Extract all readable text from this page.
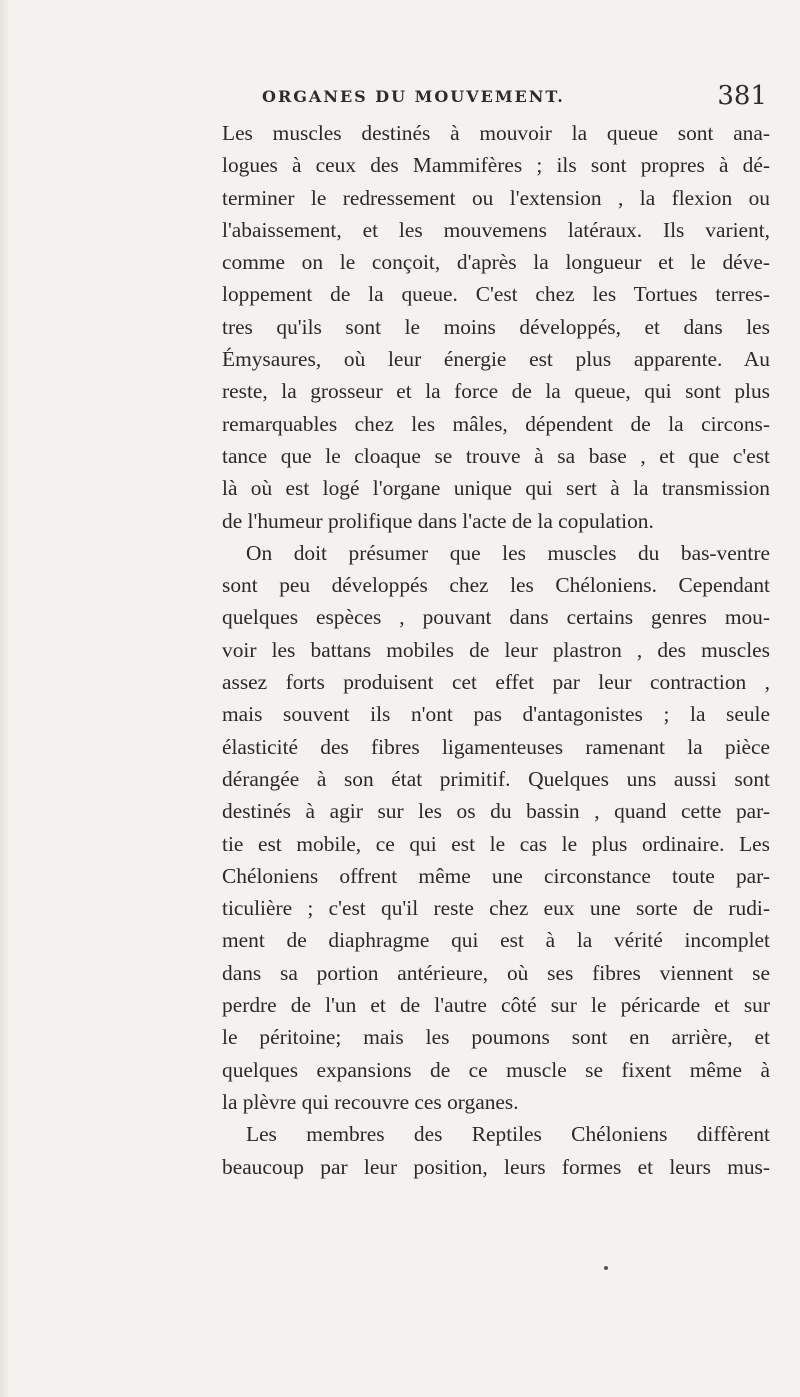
ORGANES DU MOUVEMENT.	381
Les muscles destinés à mouvoir la queue sont ana-
logues à ceux des Mammifères ; ils sont propres à dé-
terminer le redressement ou l'extension , la flexion ou
l'abaissement, et les mouvemens latéraux. Ils varient,
comme on le conçoit, d'après la longueur et le déve-
loppement de la queue. C'est chez les Tortues terres-
tres qu'ils sont le moins développés, et dans les
Émysaures, où leur énergie est plus apparente. Au
reste, la grosseur et la force de la queue, qui sont plus
remarquables chez les mâles, dépendent de la circons-
tance que le cloaque se trouve à sa base , et que c'est
là où est logé l'organe unique qui sert à la transmission
de l'humeur prolifique dans l'acte de la copulation.
On doit présumer que les muscles du bas-ventre
sont peu développés chez les Chéloniens. Cependant
quelques espèces , pouvant dans certains genres mou-
voir les battans mobiles de leur plastron , des muscles
assez forts produisent cet effet par leur contraction ,
mais souvent ils n'ont pas d'antagonistes ; la seule
élasticité des fibres ligamenteuses ramenant la pièce
dérangée à son état primitif. Quelques uns aussi sont
destinés à agir sur les os du bassin , quand cette par-
tie est mobile, ce qui est le cas le plus ordinaire. Les
Chéloniens offrent même une circonstance toute par-
ticulière ; c'est qu'il reste chez eux une sorte de rudi-
ment de diaphragme qui est à la vérité incomplet
dans sa portion antérieure, où ses fibres viennent se
perdre de l'un et de l'autre côté sur le péricarde et sur
le péritoine; mais les poumons sont en arrière, et
quelques expansions de ce muscle se fixent même à
la plèvre qui recouvre ces organes.
Les membres des Reptiles Chéloniens diffèrent
beaucoup par leur position, leurs formes et leurs mus-
